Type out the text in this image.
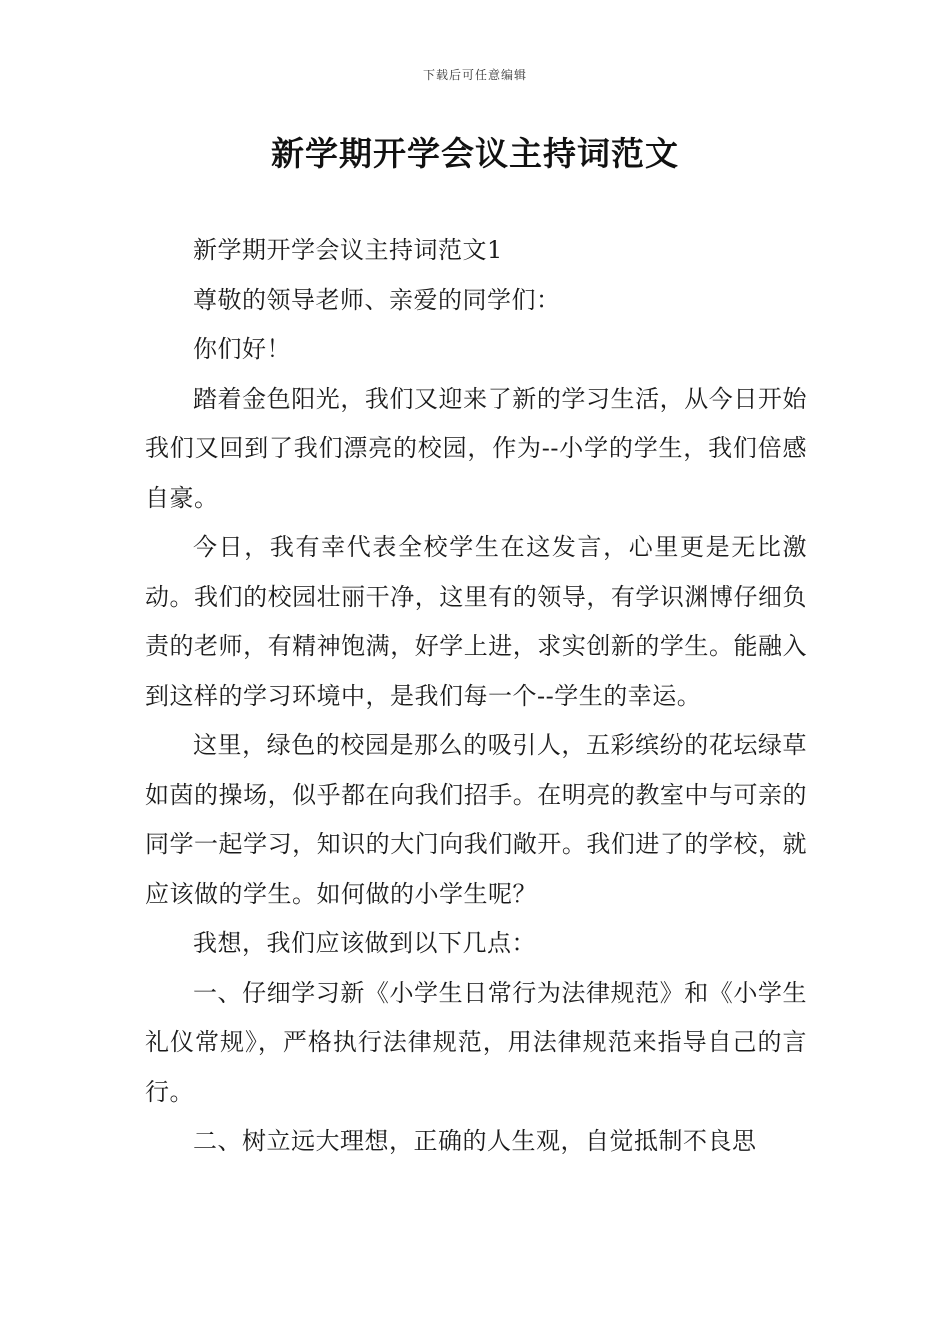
下载后可任意编辑
新学期开学会议主持词范文

新学期开学会议主持词范文1

尊敬的领导老师、亲爱的同学们：

你们好！

踏着金色阳光，我们又迎来了新的学习生活，从今日开始我们又回到了我们漂亮的校园，作为--小学的学生，我们倍感自豪。

今日，我有幸代表全校学生在这发言，心里更是无比激动。我们的校园壮丽干净，这里有的领导，有学识渊博仔细负责的老师，有精神饱满，好学上进，求实创新的学生。能融入到这样的学习环境中，是我们每一个--学生的幸运。

这里，绿色的校园是那么的吸引人，五彩缤纷的花坛绿草如茵的操场，似乎都在向我们招手。在明亮的教室中与可亲的同学一起学习，知识的大门向我们敞开。我们进了的学校，就应该做的学生。如何做的小学生呢？

我想，我们应该做到以下几点：

一、仔细学习新《小学生日常行为法律规范》和《小学生礼仪常规》，严格执行法律规范，用法律规范来指导自己的言行。

二、树立远大理想，正确的人生观，自觉抵制不良思
